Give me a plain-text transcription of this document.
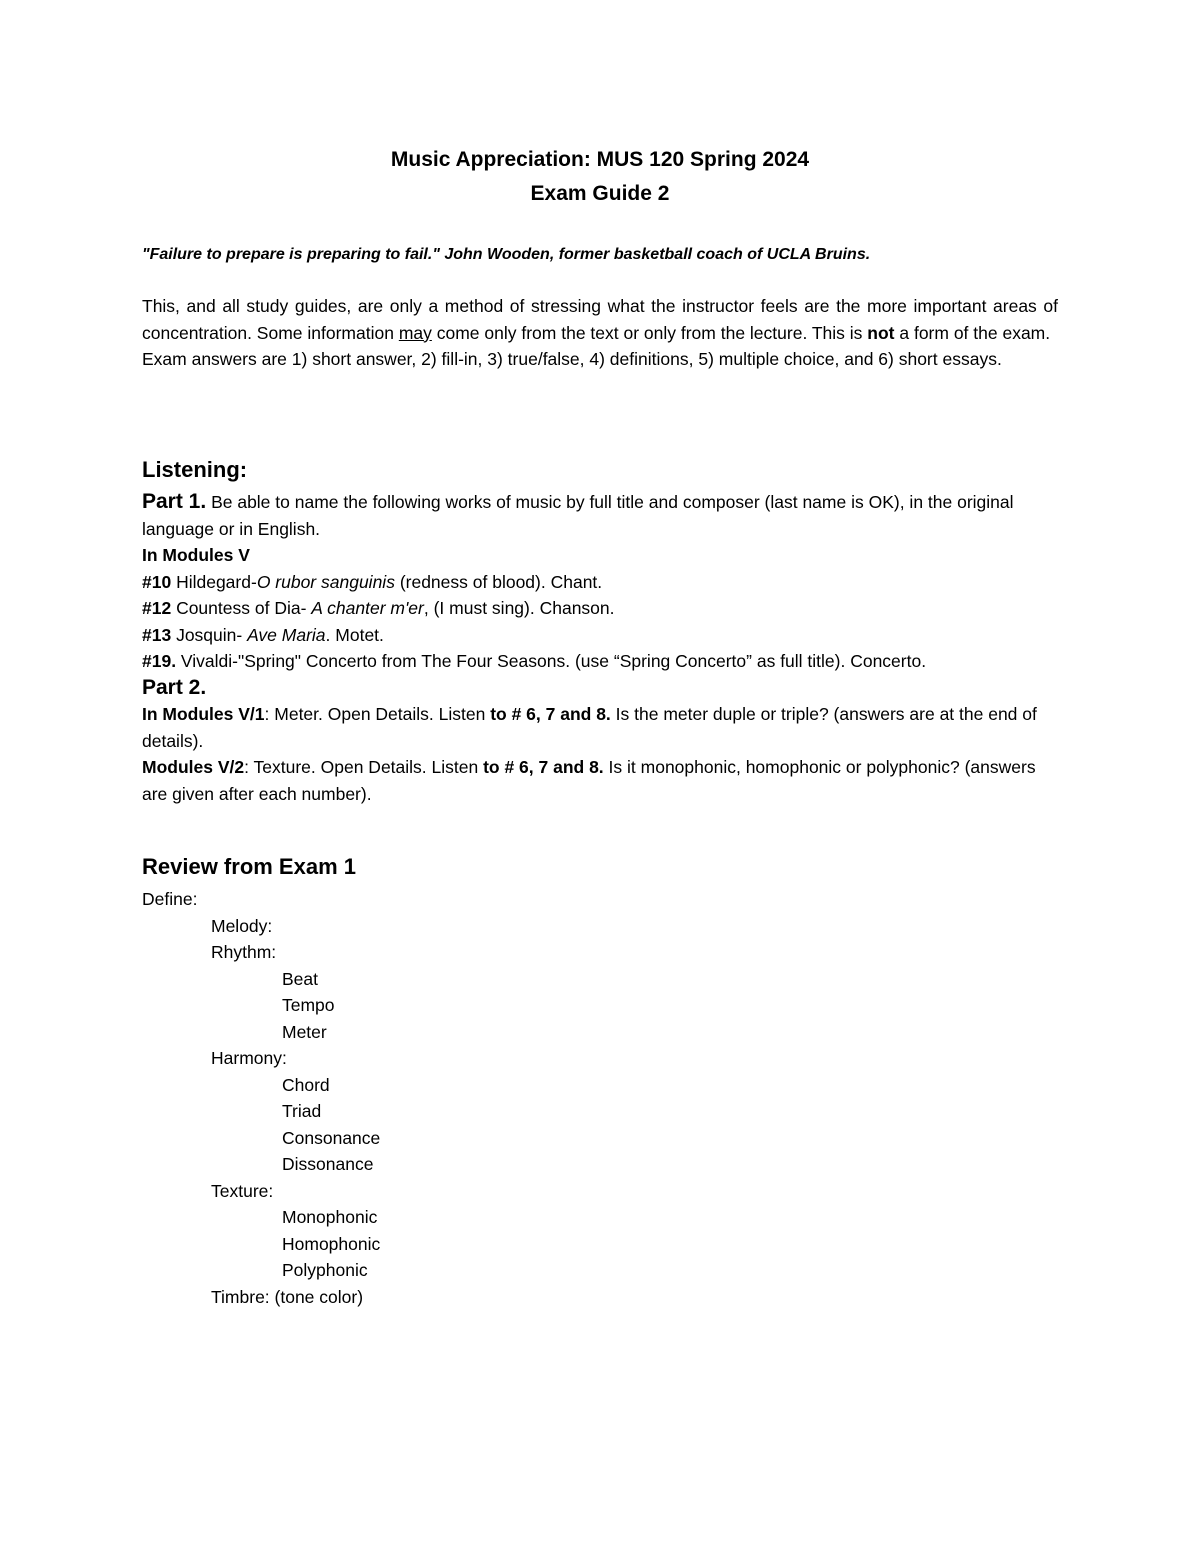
Music Appreciation: MUS 120 Spring 2024
Exam Guide 2
"Failure to prepare is preparing to fail." John Wooden, former basketball coach of UCLA Bruins.

This, and all study guides, are only a method of stressing what the instructor feels are the more important areas of concentration. Some information may come only from the text or only from the lecture. This is not a form of the exam.

Exam answers are 1) short answer, 2) fill-in, 3) true/false, 4) definitions, 5) multiple choice, and 6) short essays.

Listening:

Part 1. Be able to name the following works of music by full title and composer (last name is OK), in the original language or in English.

In Modules V

#10 Hildegard-O rubor sanguinis (redness of blood). Chant.

#12 Countess of Dia- A chanter m'er, (I must sing). Chanson.

#13 Josquin- Ave Maria. Motet.

#19. Vivaldi-"Spring" Concerto from The Four Seasons. (use “Spring Concerto” as full title). Concerto.

Part 2.

In Modules V/1: Meter. Open Details. Listen to # 6, 7 and 8. Is the meter duple or triple? (answers are at the end of details).

Modules V/2: Texture. Open Details. Listen to # 6, 7 and 8. Is it monophonic, homophonic or polyphonic? (answers are given after each number).

Review from Exam 1

Define:

Melody:

Rhythm:

Beat

Tempo

Meter

Harmony:

Chord

Triad

Consonance

Dissonance

Texture:

Monophonic

Homophonic

Polyphonic

Timbre: (tone color)
